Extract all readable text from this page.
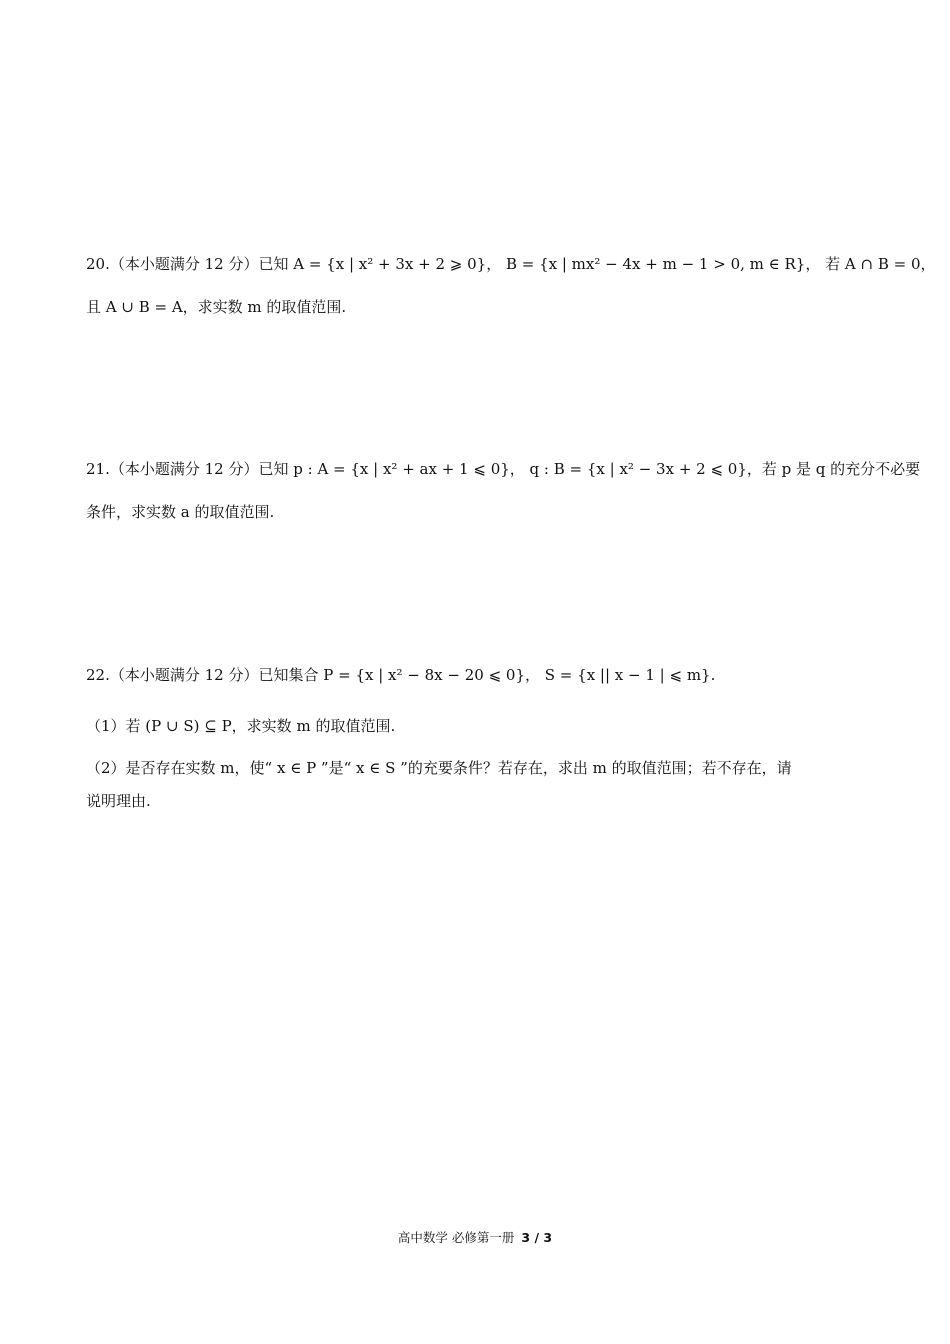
20.（本小题满分 12 分）已知 A = {x | x² + 3x + 2 ⩾ 0}， B = {x | mx² − 4x + m − 1 > 0, m ∈ R}， 若 A ∩ B = 0，
且 A ∪ B = A，求实数 m 的取值范围.
21.（本小题满分 12 分）已知 p : A = {x | x² + ax + 1 ⩽ 0}， q : B = {x | x² − 3x + 2 ⩽ 0}，若 p 是 q 的充分不必要
条件，求实数 a 的取值范围.
22.（本小题满分 12 分）已知集合 P = {x | x² − 8x − 20 ⩽ 0}， S = {x || x − 1 | ⩽ m}.
（1）若 (P ∪ S) ⊆ P，求实数 m 的取值范围.
（2）是否存在实数 m，使“ x ∈ P ”是“ x ∈ S ”的充要条件？若存在，求出 m 的取值范围；若不存在，请
说明理由.
高中数学 必修第一册 3 / 3
